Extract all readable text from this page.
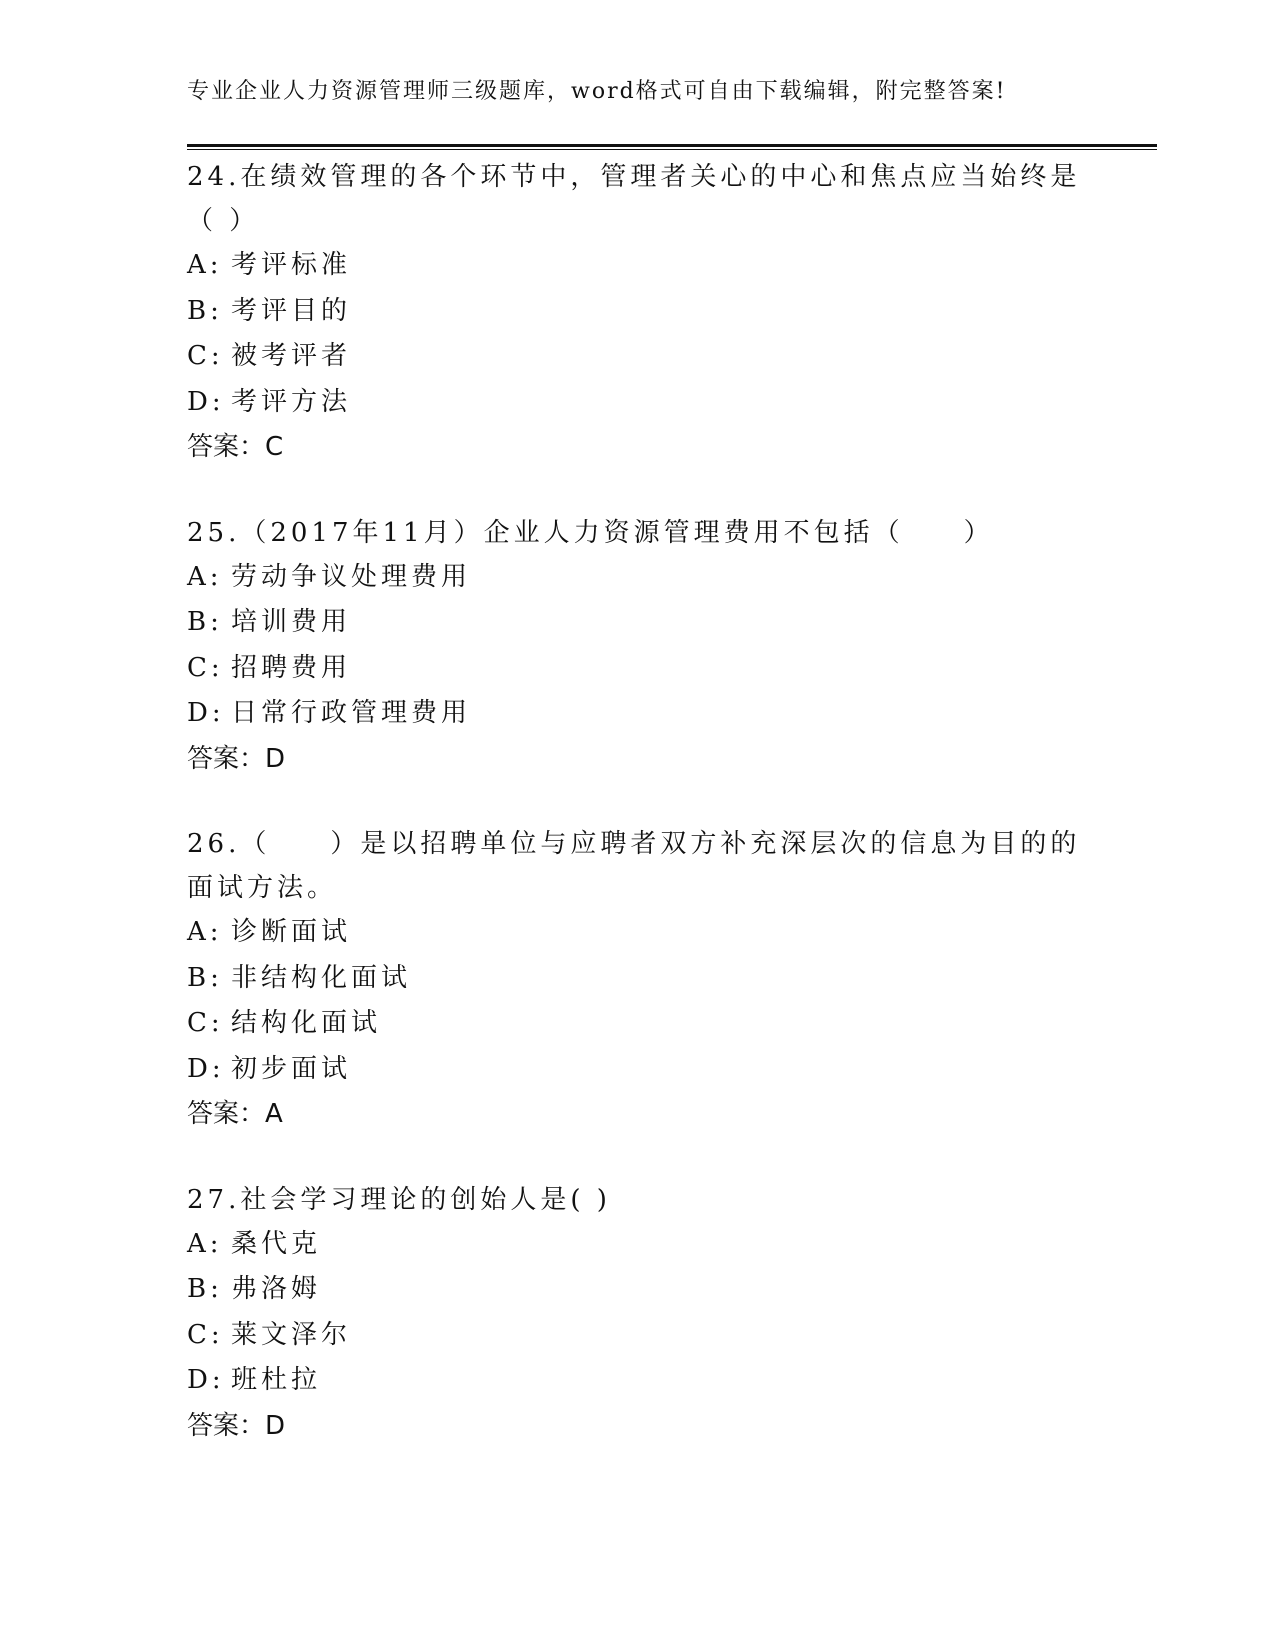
专业企业人力资源管理师三级题库，word格式可自由下载编辑，附完整答案!

24.在绩效管理的各个环节中，管理者关心的中心和焦点应当始终是（ ）

A: 考评标准
B: 考评目的
C: 被考评者
D: 考评方法
答案：C

25.（2017年11月）企业人力资源管理费用不包括（　　）

A: 劳动争议处理费用
B: 培训费用
C: 招聘费用
D: 日常行政管理费用
答案：D

26.（　　）是以招聘单位与应聘者双方补充深层次的信息为目的的面试方法。

A: 诊断面试
B: 非结构化面试
C: 结构化面试
D: 初步面试
答案：A

27.社会学习理论的创始人是( )

A: 桑代克
B: 弗洛姆
C: 莱文泽尔
D: 班杜拉
答案：D
